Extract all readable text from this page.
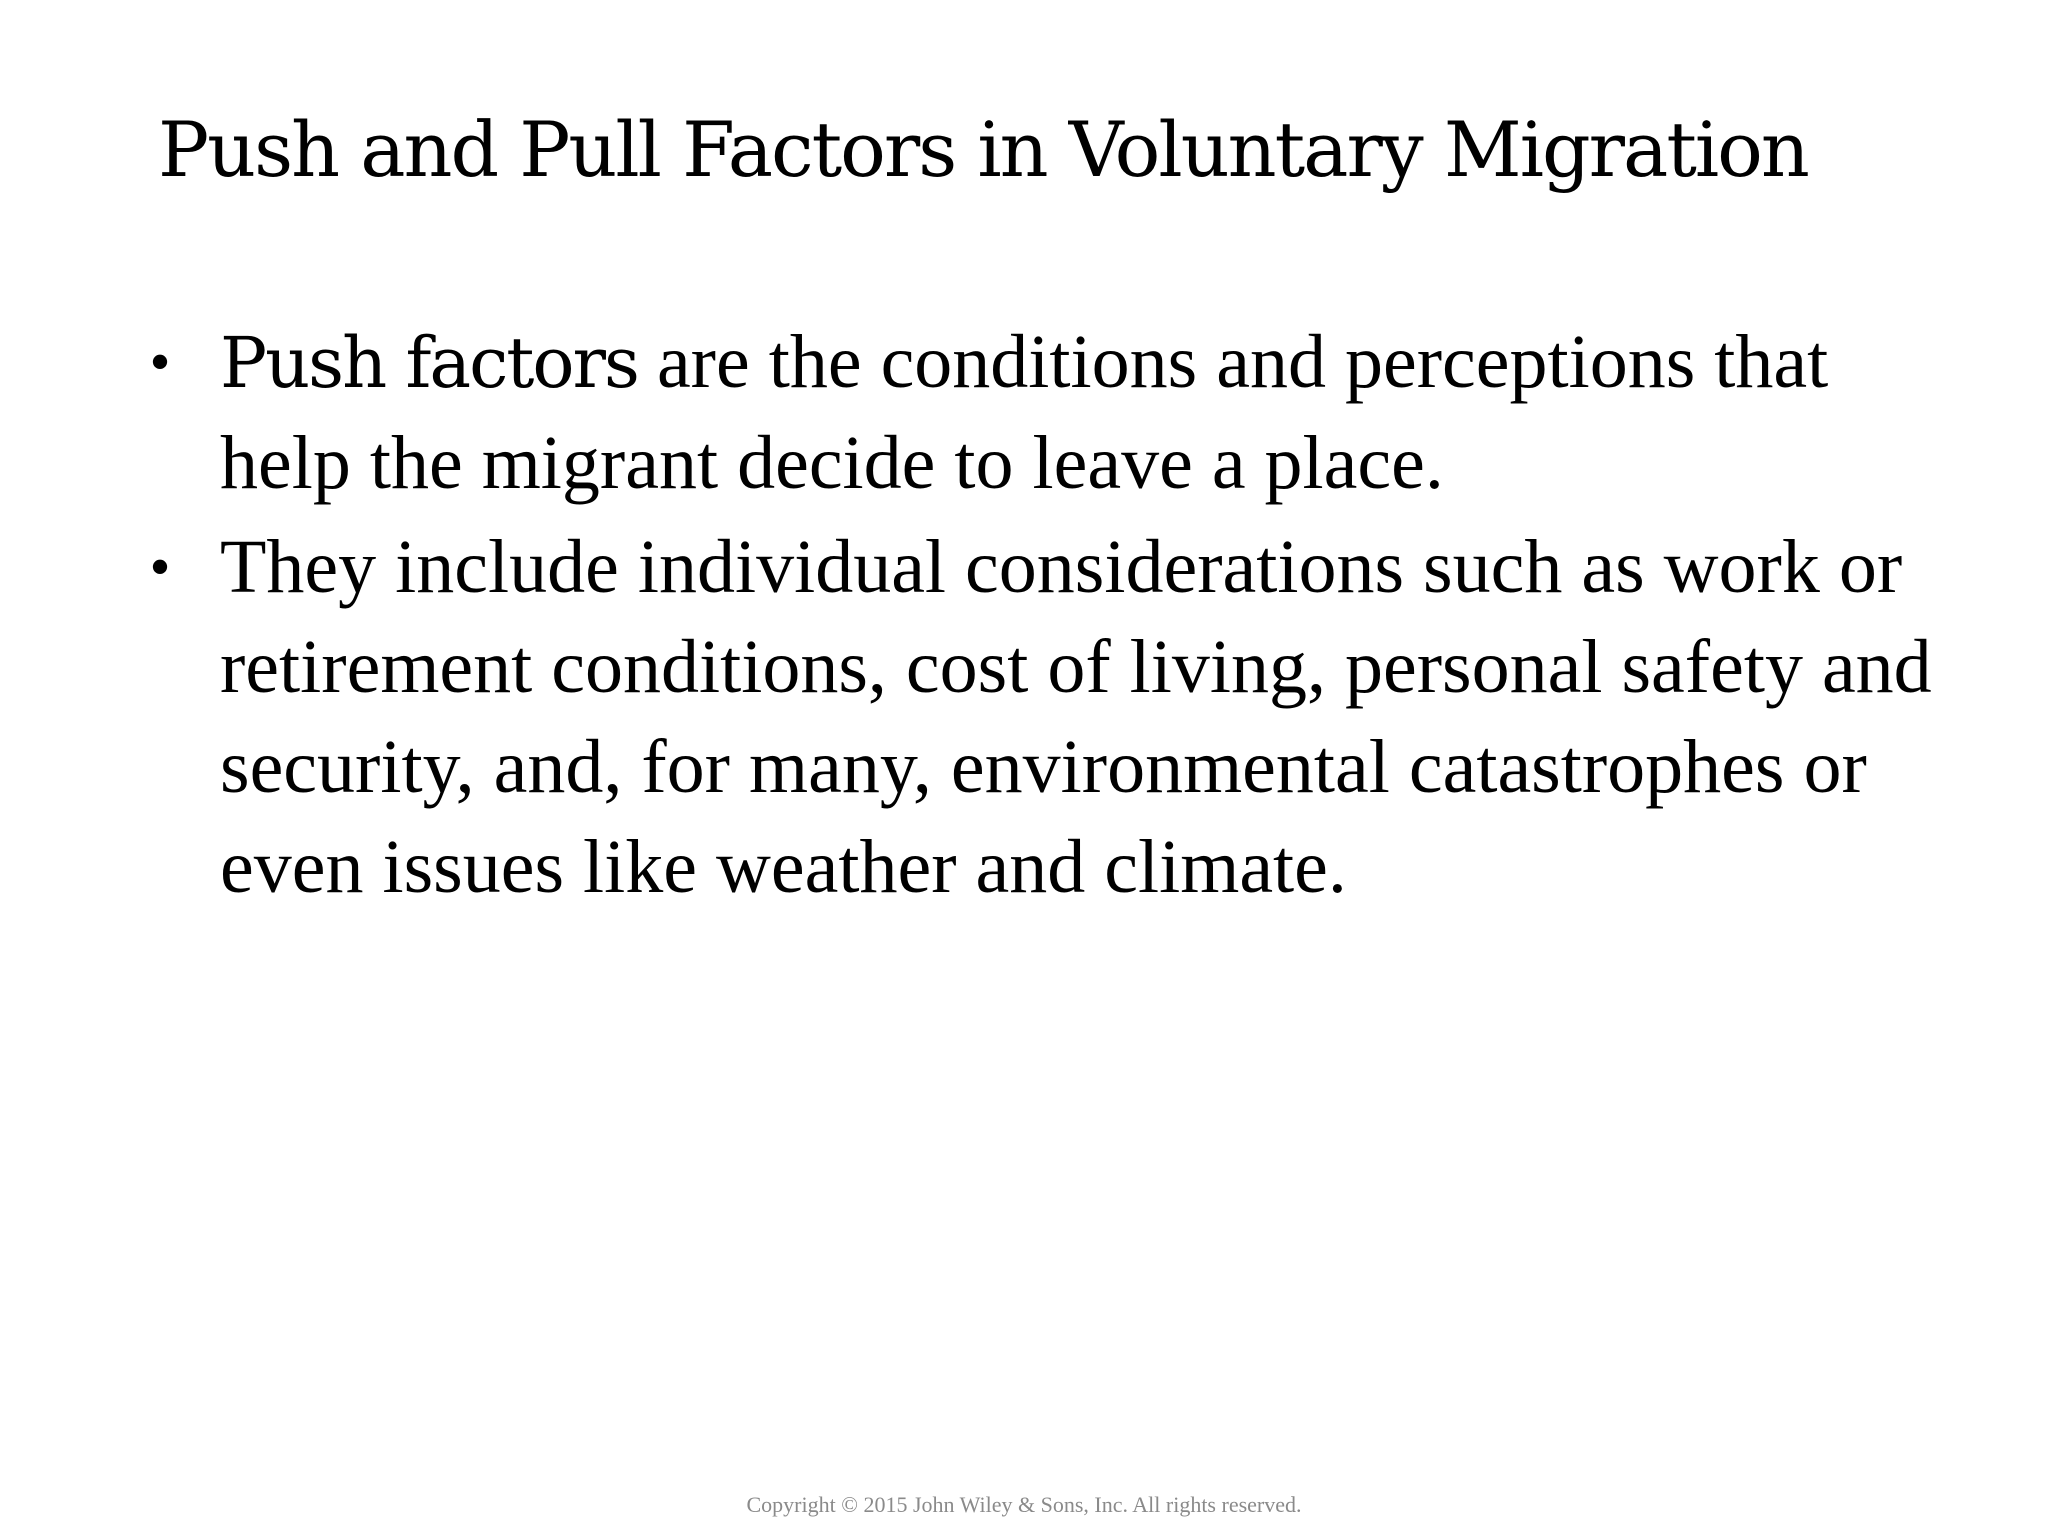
Push and Pull Factors in Voluntary Migration
• Push factors are the conditions and perceptions that help the migrant decide to leave a place.
• They include individual considerations such as work or retirement conditions, cost of living, personal safety and security, and, for many, environmental catastrophes or even issues like weather and climate.
Copyright © 2015 John Wiley & Sons, Inc. All rights reserved.
